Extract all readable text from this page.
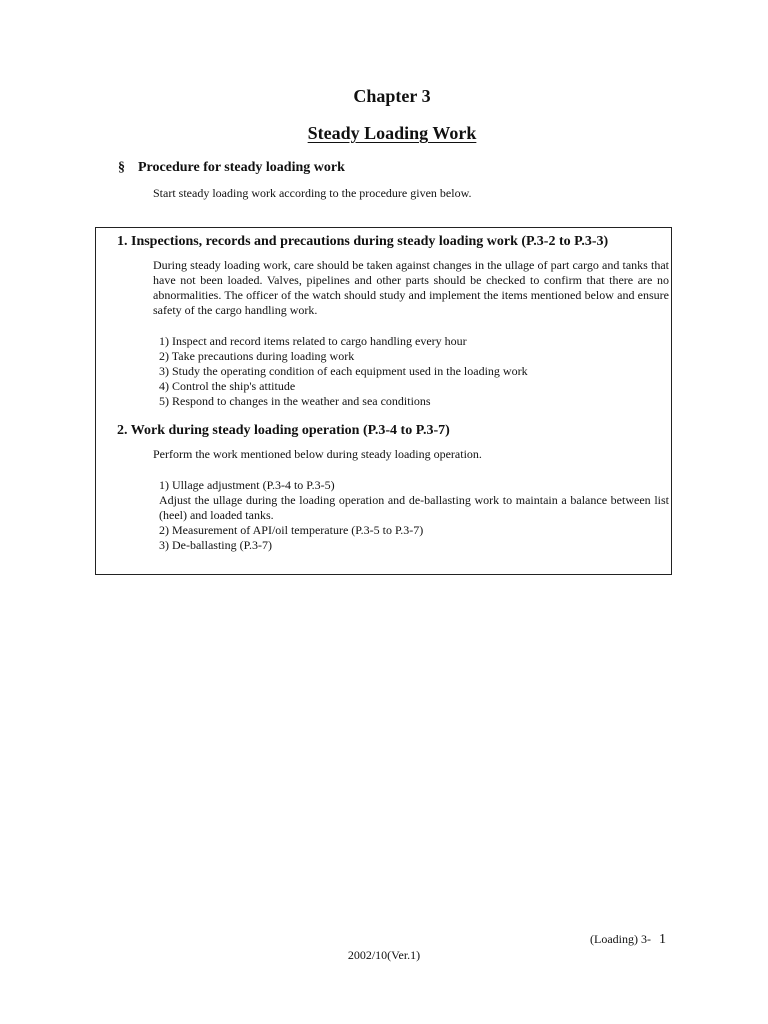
Chapter 3
Steady Loading Work
§ Procedure for steady loading work
Start steady loading work according to the procedure given below.
1. Inspections, records and precautions during steady loading work (P.3-2 to P.3-3)
During steady loading work, care should be taken against changes in the ullage of part cargo and tanks that have not been loaded. Valves, pipelines and other parts should be checked to confirm that there are no abnormalities. The officer of the watch should study and implement the items mentioned below and ensure safety of the cargo handling work.
1) Inspect and record items related to cargo handling every hour
2) Take precautions during loading work
3) Study the operating condition of each equipment used in the loading work
4) Control the ship's attitude
5) Respond to changes in the weather and sea conditions
2. Work during steady loading operation (P.3-4 to P.3-7)
Perform the work mentioned below during steady loading operation.
1) Ullage adjustment (P.3-4 to P.3-5)
Adjust the ullage during the loading operation and de-ballasting work to maintain a balance between list (heel) and loaded tanks.
2) Measurement of API/oil temperature (P.3-5 to P.3-7)
3) De-ballasting (P.3-7)
(Loading) 3- 1
2002/10(Ver.1)
